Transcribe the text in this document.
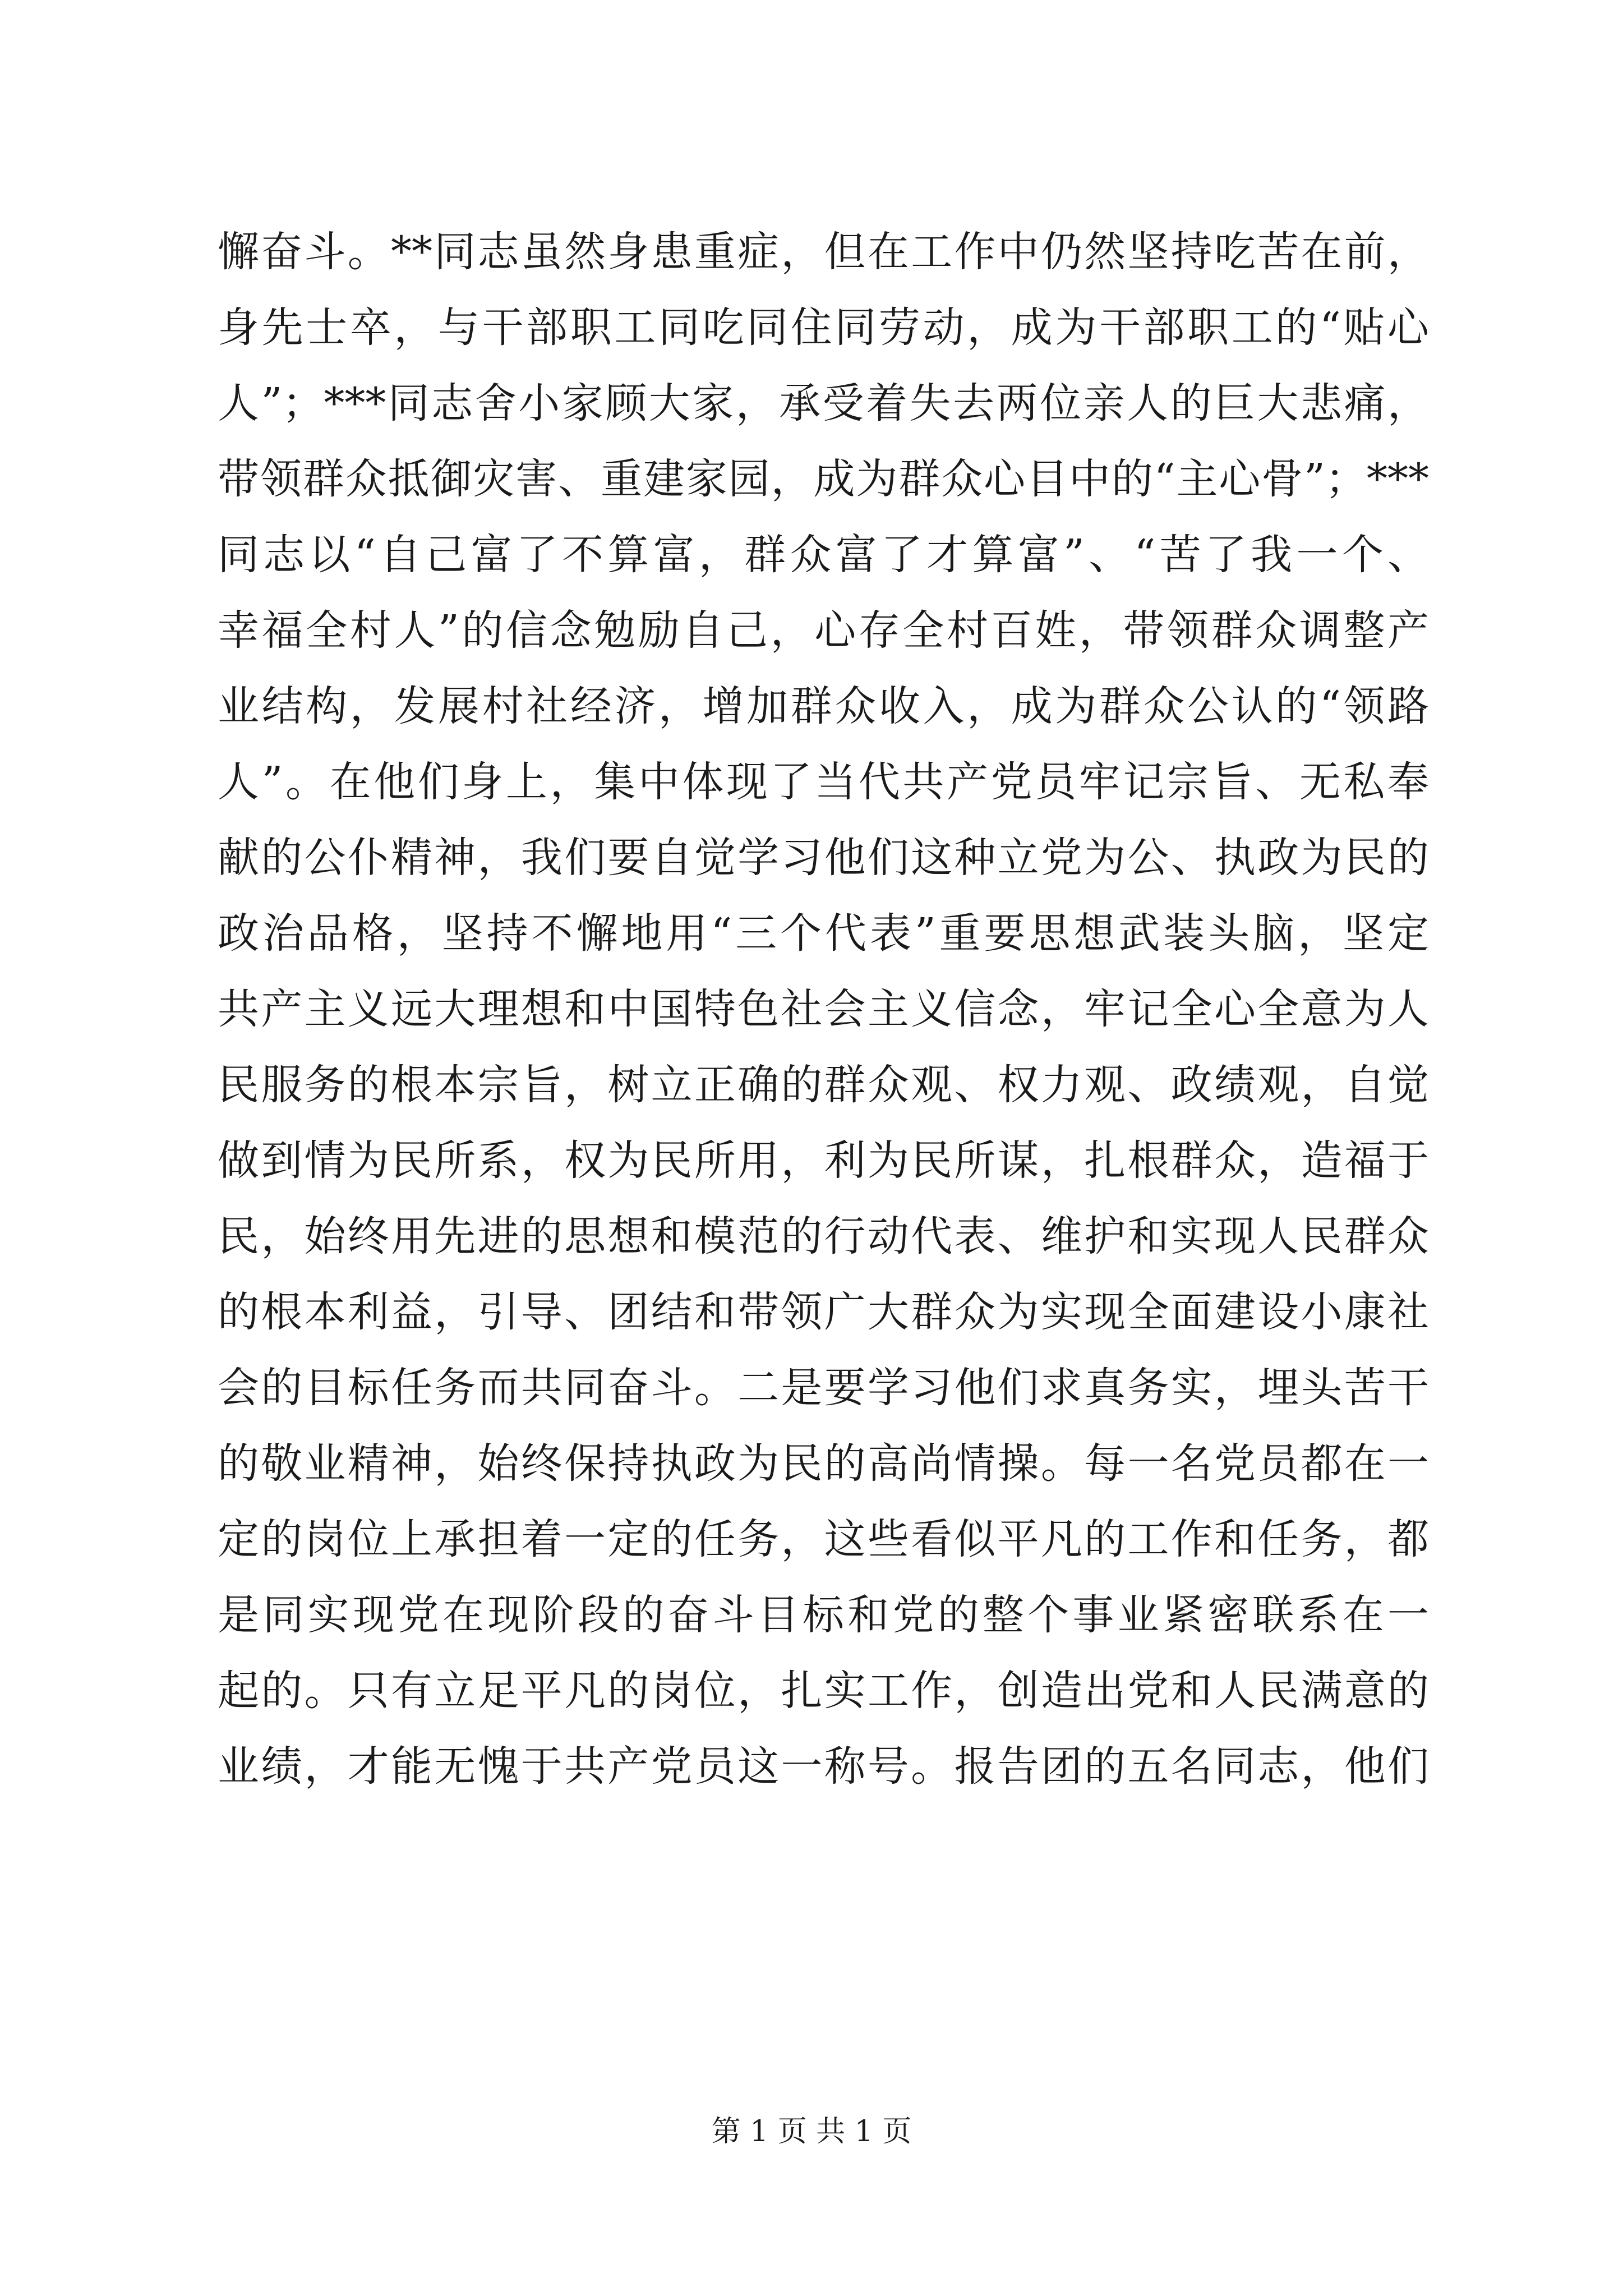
懈奋斗。**同志虽然身患重症，但在工作中仍然坚持吃苦在前，
身先士卒，与干部职工同吃同住同劳动，成为干部职工的“贴心
人”；***同志舍小家顾大家，承受着失去两位亲人的巨大悲痛，
带领群众抵御灾害、重建家园，成为群众心目中的“主心骨”；***
同志以“自己富了不算富，群众富了才算富”、“苦了我一个、
幸福全村人”的信念勉励自己，心存全村百姓，带领群众调整产
业结构，发展村社经济，增加群众收入，成为群众公认的“领路
人”。在他们身上，集中体现了当代共产党员牢记宗旨、无私奉
献的公仆精神，我们要自觉学习他们这种立党为公、执政为民的
政治品格，坚持不懈地用“三个代表”重要思想武装头脑，坚定
共产主义远大理想和中国特色社会主义信念，牢记全心全意为人
民服务的根本宗旨，树立正确的群众观、权力观、政绩观，自觉
做到情为民所系，权为民所用，利为民所谋，扎根群众，造福于
民，始终用先进的思想和模范的行动代表、维护和实现人民群众
的根本利益，引导、团结和带领广大群众为实现全面建设小康社
会的目标任务而共同奋斗。二是要学习他们求真务实，埋头苦干
的敬业精神，始终保持执政为民的高尚情操。每一名党员都在一
定的岗位上承担着一定的任务，这些看似平凡的工作和任务，都
是同实现党在现阶段的奋斗目标和党的整个事业紧密联系在一
起的。只有立足平凡的岗位，扎实工作，创造出党和人民满意的
业绩，才能无愧于共产党员这一称号。报告团的五名同志，他们
第 1 页 共 1 页
